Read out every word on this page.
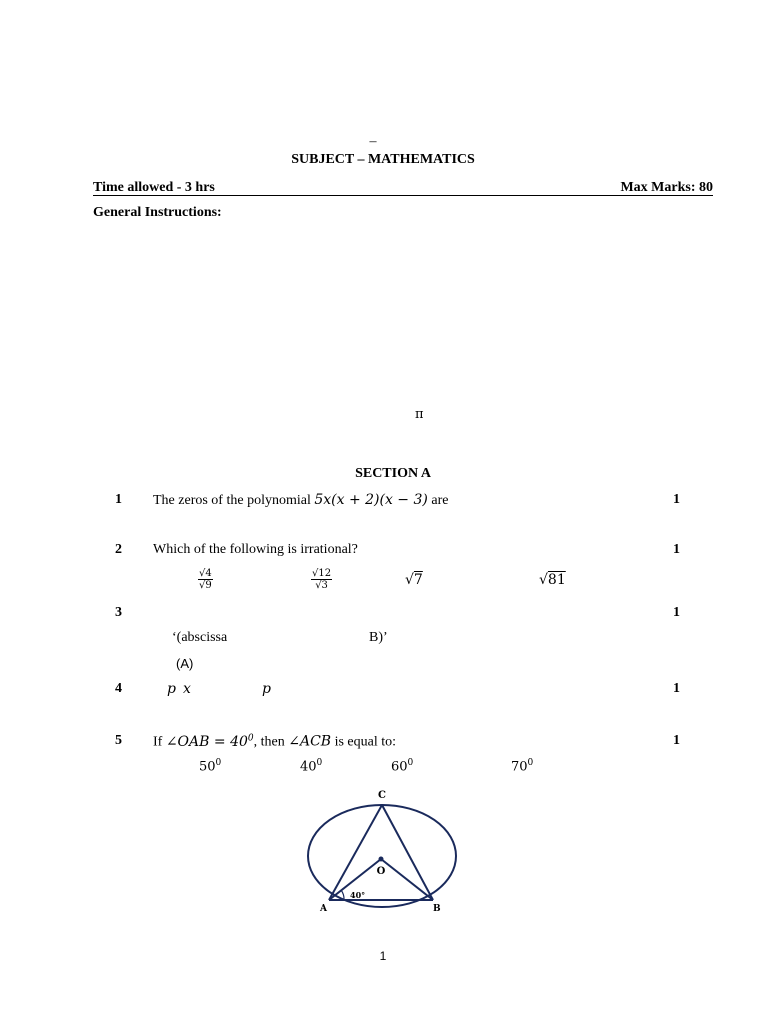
–
SUBJECT – MATHEMATICS
Time allowed - 3 hrs	Max Marks: 80
General Instructions:
π
SECTION A
1 The zeros of the polynomial 5x(x + 2)(x − 3) are	1
2 Which of the following is irrational?	1
$\frac{√4}{√9}$	$\frac{√12}{√3}$	√7	√81
3	1
‘(abscissa	B)’
(A)
4	p x	p	1
5 If ∠OAB = $40^0$, then ∠ACB is equal to:	1
$50^0$	$40^0$	$60^0$	$70^0$
C
O
A	B
40°
1
